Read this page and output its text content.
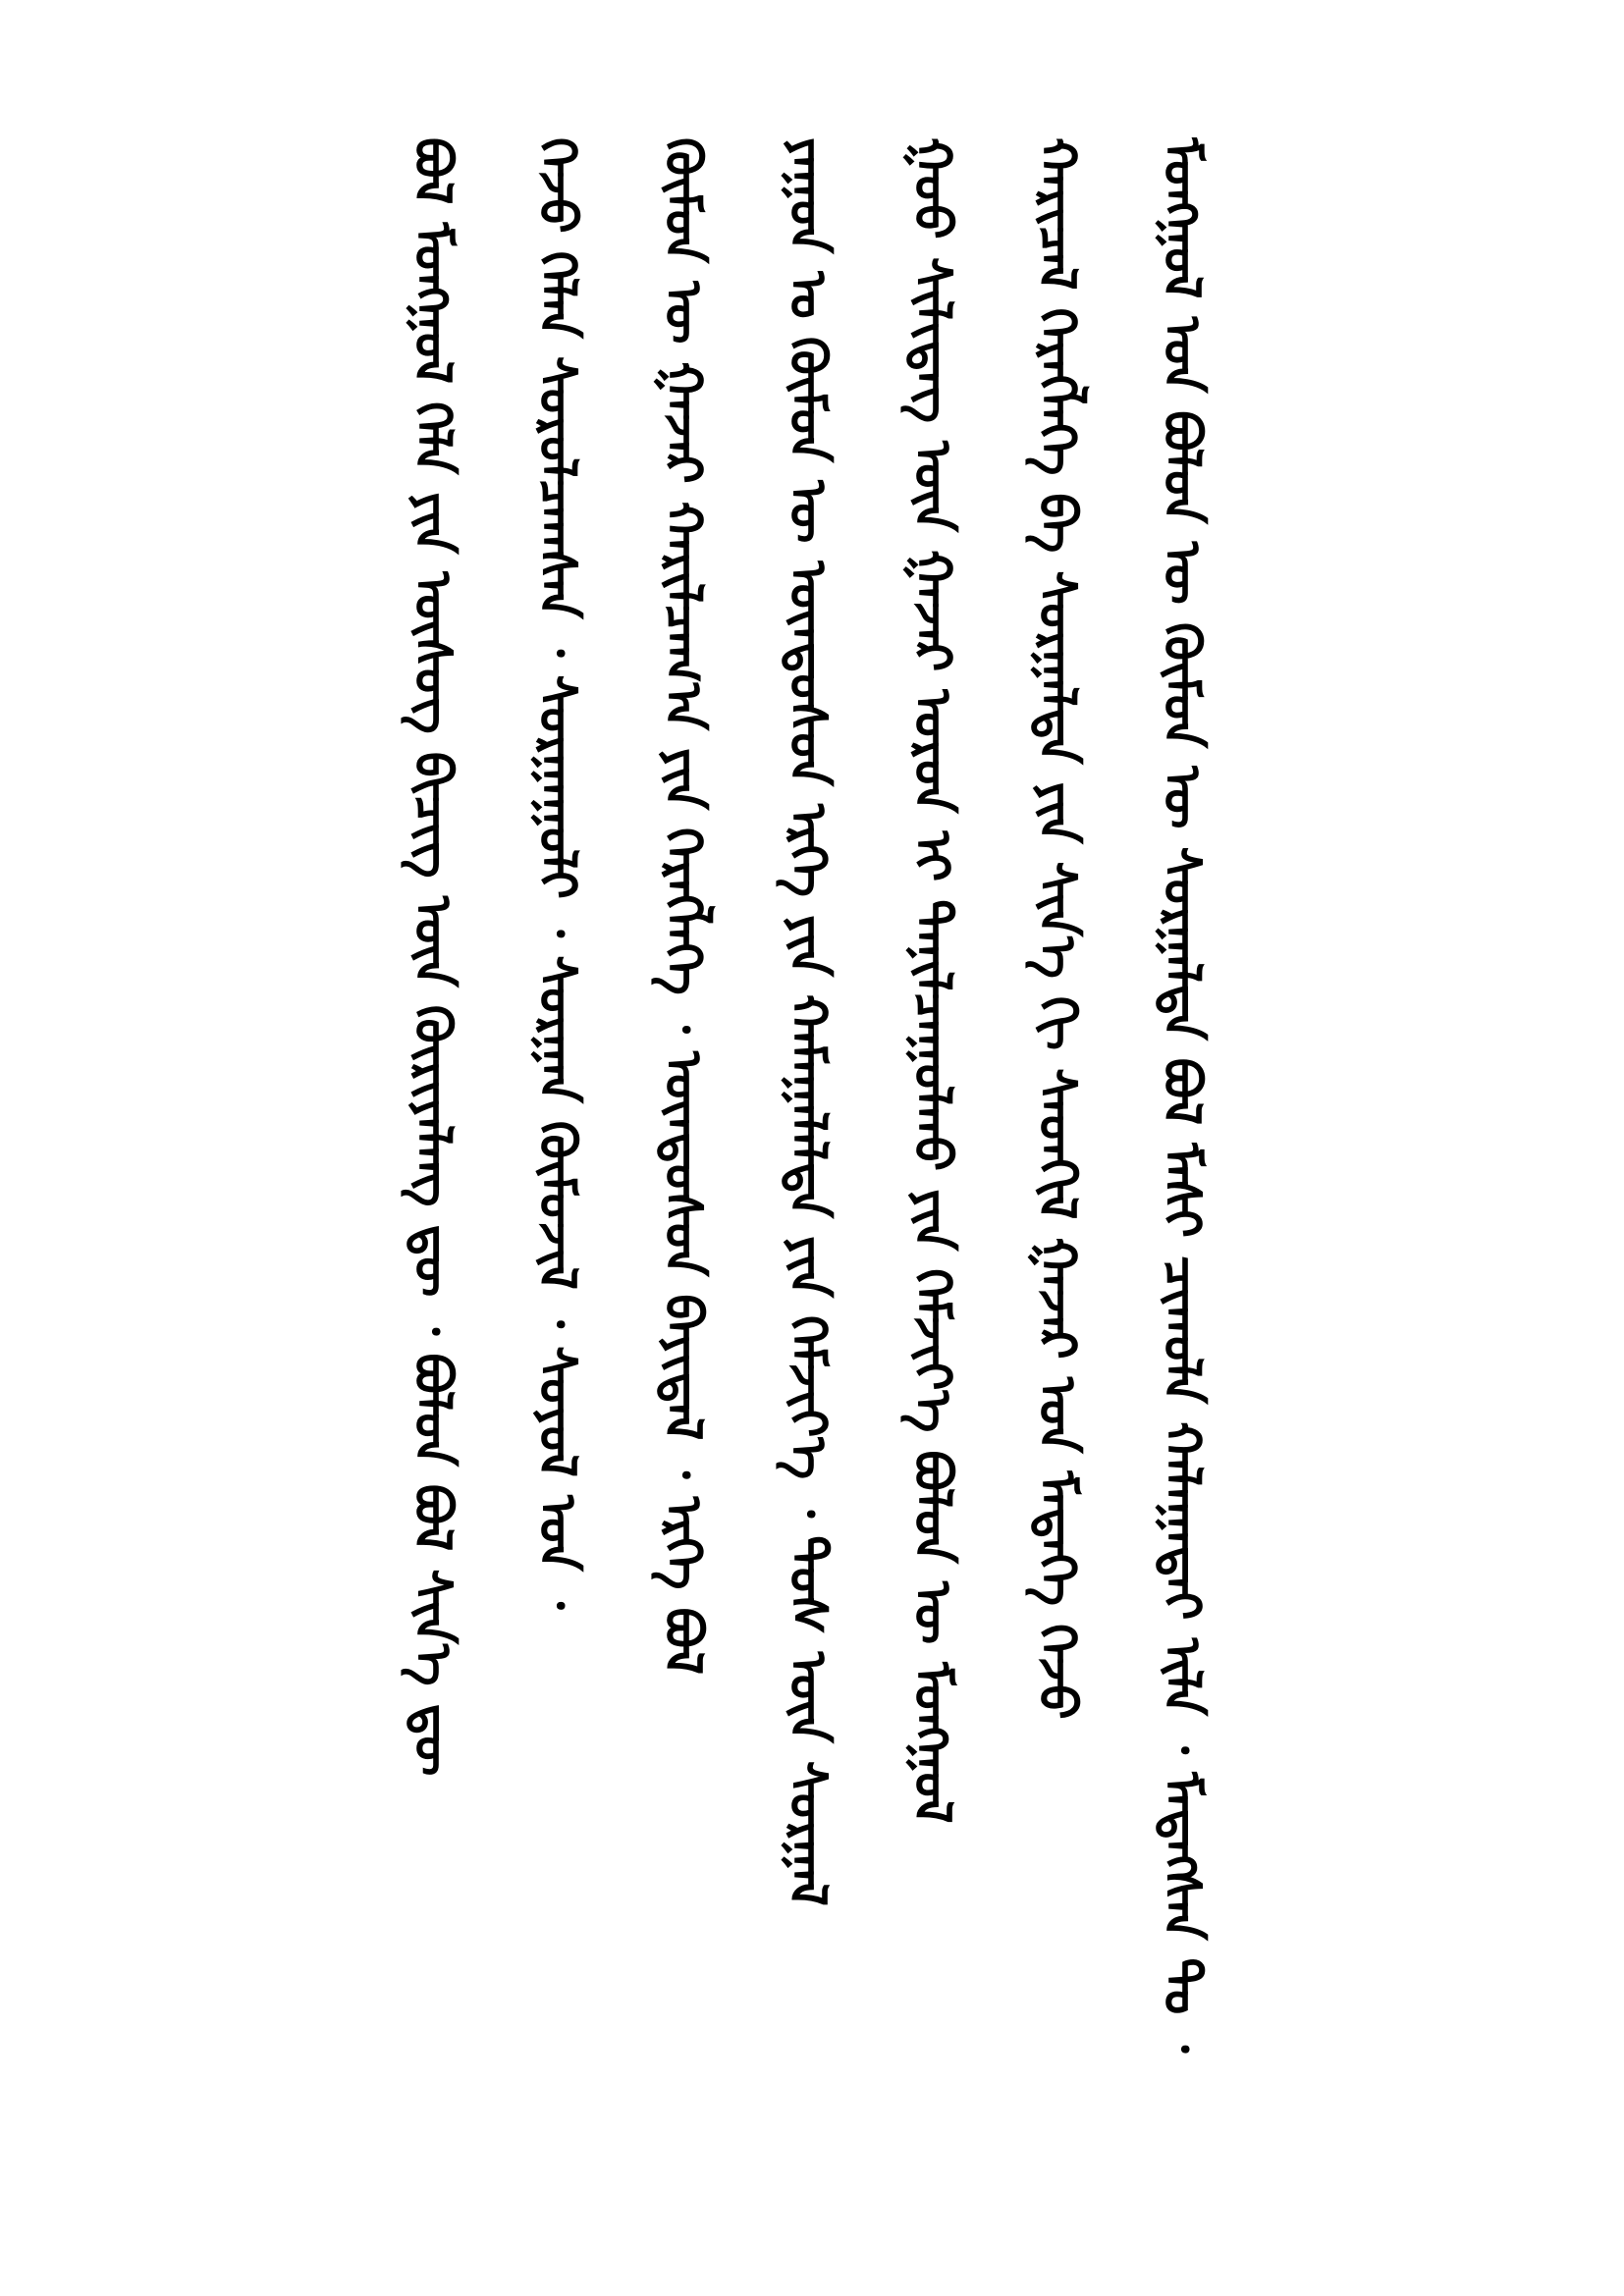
ᠪᠣᠯ ᠮᠣᠩᠭᠣᠯ ᠬᠡᠯᠡ ᠶᠢᠨ ᠦᠰᠦᠭ ᠪᠢᠴᠢᠭ ᠦᠨ ᠬᠦᠷᠢᠶᠡᠯᠡᠩ ᠳᠦ ᠂ ᠪᠣᠯᠤᠨ ᠪᠣᠯ ᠰᠢᠨ᠎ᠡ ᠳᠦ ᠭᠡᠵᠦ ᠬᠡᠯᠡᠨ ᠰᠤᠷᠤᠯᠴᠠᠭᠰᠠᠨ ᠂ ᠰᠤᠷᠭᠠᠭᠤᠯᠢ ᠂ ᠰᠤᠷᠭᠠᠨ ᠬᠦᠮᠦᠵᠢᠯ ᠂ ᠰᠣᠶᠣᠯ ᠤᠨ ᠂ ᠬᠦᠮᠦᠨ ᠦ ᠭᠠᠵᠠᠷ ᠬᠠᠷᠢᠯᠴᠠᠭ᠎ᠠ ᠶᠢᠨ ᠬᠡᠷᠡᠭᠯᠡᠭᠡ ᠂ ᠦᠨᠳᠦᠰᠦᠨ ᠪᠠᠶᠢᠳᠠᠯ ᠂ ᠡᠷᠬᠡ ᠪᠣᠯ ᠶᠠᠭᠤᠨ ᠤ ᠬᠦᠮᠦᠨ ᠦ ᠦᠨᠳᠦᠰᠦᠨ ᠡᠷᠬᠡ ᠶᠢᠨ ᠬᠠᠮᠠᠭᠠᠯᠠᠯᠲᠠ ᠶᠢᠨ ᠬᠡᠮᠵᠢᠶ᠎ᠡ ᠂ ᠲᠤᠰ ᠦᠨ ᠰᠤᠷᠭᠠᠯ ᠭᠣᠣ ᠰᠢᠯᠢᠳᠡᠭ ᠦᠨ ᠭᠠᠵᠠᠷ ᠤᠷᠤᠨ ᠢ ᠲᠠᠨᠢᠯᠴᠠᠭᠤᠯᠬᠤ ᠶᠢᠨ ᠬᠡᠮᠵᠢᠶ᠎ᠡ ᠪᠣᠯᠤᠨ ᠦ ᠮᠣᠩᠭᠣᠯ ᠬᠠᠷᠢᠴᠠᠯ ᠬᠡᠷᠡᠭᠯᠡᠭᠡ ᠪᠠ ᠰᠤᠷᠭᠠᠯᠲᠠ ᠶᠢᠨ ᠰᠢᠨ᠎ᠡ ᠬᠢ ᠰᠡᠳᠭᠢᠯ ᠭᠠᠵᠠᠷ ᠤᠨ ᠮᠡᠳᠡᠭᠡ ᠭᠡᠵᠦ ᠮᠣᠩᠭᠣᠯ ᠤᠨ ᠪᠣᠯᠤᠨ ᠦ ᠬᠦᠮᠦᠨ ᠦ ᠰᠤᠷᠭᠠᠯᠲᠠ ᠪᠣᠯ ᠮᠠᠰᠢ ᠴᠢᠬᠤᠯᠠ ᠬᠠᠯᠠᠭᠠᠲᠠᠶ ᠢᠯᠡ ᠂ ᠮᠡᠳᠡᠭᠰᠡᠨ ᠲᠤ ᠂
